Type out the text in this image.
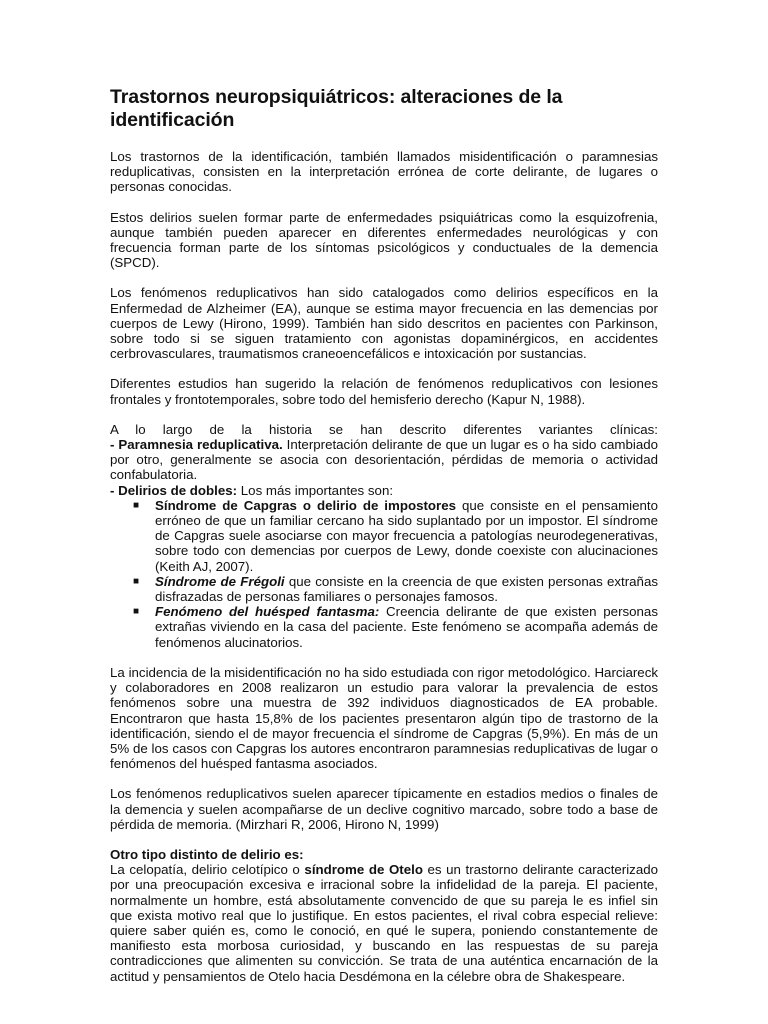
Trastornos neuropsiquiátricos: alteraciones de la identificación

Los trastornos de la identificación, también llamados misidentificación o paramnesias reduplicativas, consisten en la interpretación errónea de corte delirante, de lugares o personas conocidas.

Estos delirios suelen formar parte de enfermedades psiquiátricas como la esquizofrenia, aunque también pueden aparecer en diferentes enfermedades neurológicas y con frecuencia forman parte de los síntomas psicológicos y conductuales de la demencia (SPCD).

Los fenómenos reduplicativos han sido catalogados como delirios específicos en la Enfermedad de Alzheimer (EA), aunque se estima mayor frecuencia en las demencias por cuerpos de Lewy (Hirono, 1999). También han sido descritos en pacientes con Parkinson, sobre todo si se siguen tratamiento con agonistas dopaminérgicos, en accidentes cerbrovasculares, traumatismos craneoencefálicos e intoxicación por sustancias.

Diferentes estudios han sugerido la relación de fenómenos reduplicativos con lesiones frontales y frontotemporales, sobre todo del hemisferio derecho (Kapur N, 1988).

A lo largo de la historia se han descrito diferentes variantes clínicas:

- Paramnesia reduplicativa. Interpretación delirante de que un lugar es o ha sido cambiado por otro, generalmente se asocia con desorientación, pérdidas de memoria o actividad confabulatoria.

- Delirios de dobles: Los más importantes son:

■ Síndrome de Capgras o delirio de impostores que consiste en el pensamiento erróneo de que un familiar cercano ha sido suplantado por un impostor. El síndrome de Capgras suele asociarse con mayor frecuencia a patologías neurodegenerativas, sobre todo con demencias por cuerpos de Lewy, donde coexiste con alucinaciones (Keith AJ, 2007).
■ Síndrome de Frégoli que consiste en la creencia de que existen personas extrañas disfrazadas de personas familiares o personajes famosos.
■ Fenómeno del huésped fantasma: Creencia delirante de que existen personas extrañas viviendo en la casa del paciente. Este fenómeno se acompaña además de fenómenos alucinatorios.

La incidencia de la misidentificación no ha sido estudiada con rigor metodológico. Harciareck y colaboradores en 2008 realizaron un estudio para valorar la prevalencia de estos fenómenos sobre una muestra de 392 individuos diagnosticados de EA probable. Encontraron que hasta 15,8% de los pacientes presentaron algún tipo de trastorno de la identificación, siendo el de mayor frecuencia el síndrome de Capgras (5,9%). En más de un 5% de los casos con Capgras los autores encontraron paramnesias reduplicativas de lugar o fenómenos del huésped fantasma asociados.

Los fenómenos reduplicativos suelen aparecer típicamente en estadios medios o finales de la demencia y suelen acompañarse de un declive cognitivo marcado, sobre todo a base de pérdida de memoria. (Mirzhari R, 2006, Hirono N, 1999)

Otro tipo distinto de delirio es:

La celopatía, delirio celotípico o síndrome de Otelo es un trastorno delirante caracterizado por una preocupación excesiva e irracional sobre la infidelidad de la pareja. El paciente, normalmente un hombre, está absolutamente convencido de que su pareja le es infiel sin que exista motivo real que lo justifique. En estos pacientes, el rival cobra especial relieve: quiere saber quién es, como le conoció, en qué le supera, poniendo constantemente de manifiesto esta morbosa curiosidad, y buscando en las respuestas de su pareja contradicciones que alimenten su convicción. Se trata de una auténtica encarnación de la actitud y pensamientos de Otelo hacia Desdémona en la célebre obra de Shakespeare.
